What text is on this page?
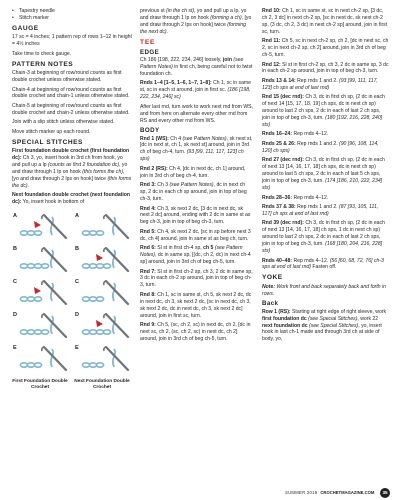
• Tapestry needle
• Stitch marker
GAUGE

17 sc = 4 inches; 1 pattern rep of rows 1–12 in height = 4½ inches

Take time to check gauge.

PATTERN NOTES

Chain-3 at beginning of row/round counts as first double crochet unless otherwise stated.

Chain-4 at beginning of row/round counts as first double crochet and chain-1 unless otherwise stated.

Chain-5 at beginning of row/round counts as first double crochet and chain-2 unless otherwise stated.

Join with a slip stitch unless otherwise stated.

Move stitch marker up each round.

SPECIAL STITCHES

First foundation double crochet (first foundation dc): Ch 3, yo, insert hook in 3rd ch from hook, yo and pull up a lp (counts as first 2 foundation dc), yo and draw through 1 lp on hook (this forms the ch), [yo and draw through 2 lps on hook] twice (this forms the dc).

Next foundation double crochet (next foundation dc): Yo, insert hook in bottom of

A	A
B	B
C	C
D	D
E	E
First Foundation Double Crochet
Next Foundation Double Crochet

previous st (in the ch st), yo and pull up a lp, yo and draw through 1 lp on hook (forming a ch), [yo and draw through 2 lps on hook] twice (forming the next dc).

TEE
EDGE

Ch 186 [198, 222, 234, 246] loosely, join (see Pattern Notes) in first ch, being careful not to twist foundation ch.

Rnds 1–4 [1–5, 1–6, 1–7, 1–8]: Ch 1, sc in same st, sc in each st around, join in first sc. (186 [198, 222, 234, 246] sc)

After last rnd, turn work to work next rnd from WS, and from here on alternate every other rnd from RS and every other rnd from WS.

BODY

Rnd 1 (WS): Ch 4 (see Pattern Notes), sk next st, [dc in next st, ch 1, sk next st] around, join in 3rd ch of beg ch-4, turn. (93 [99, 111, 117, 123] ch sps)

Rnd 2 (RS): Ch 4, [dc in next dc, ch 1] around, join in 3rd ch of beg ch-4, turn.

Rnd 3: Ch 3 (see Pattern Notes), dc in next ch sp, 2 dc in each ch sp around, join in top of beg ch-3, turn.

Rnd 4: Ch 3, sk next 2 dc, [3 dc in next dc, sk next 2 dc] around, ending with 2 dc in same st as beg ch-3, join in top of beg ch-3, turn.

Rnd 5: Ch 4, sk next 2 dc, [sc in sp before next 3 dc, ch 4] around, join in same st as beg ch, turn.

Rnd 6: Sl st in first ch-4 sp, ch 5 (see Pattern Notes), dc in same sp, [(dc, ch 2, dc) in next ch-4 sp] around, join in 3rd ch of beg ch-5, turn.

Rnd 7: Sl st in first ch-2 sp, ch 3, 2 dc in same sp, 3 dc in each ch-2 sp around, join in top of beg ch-3, turn.

Rnd 8: Ch 1, sc in same st, ch 5, sk next 2 dc, dc in next dc, ch 3, sk next 2 dc, [sc in next dc, ch 3, sk next 2 dc, dc in next dc, ch 3, sk next 2 dc] around, join in first sc, turn.

Rnd 9: Ch 5, (sc, ch 2, sc) in next dc, ch 2, [dc in next sc, ch 2, (sc, ch 2, sc) in next dc, ch 2] around, join in 3rd ch of beg ch-5, turn.

Rnd 10: Ch 1, sc in same st, sc in next ch-2 sp, [3 dc, ch 2, 3 dc] in next ch-2 sp, [sc in next dc, sk next ch-2 sp, (3 dc, ch 2, 3 dc) in next ch-2 sp] around, join in first sc, turn.

Rnd 11: Ch 5, sc in next ch-2 sp, ch 2, [dc in next sc, ch 2, sc in next ch-2 sp, ch 2] around, join in 3rd ch of beg ch-5, turn.

Rnd 12: Sl st in first ch-2 sp, ch 3, 2 dc in same sp, 3 dc in each ch-2 sp around, join in top of beg ch-3, turn.

Rnds 13 & 14: Rep rnds 1 and 2. (93 [99, 111, 117, 123] ch sps at end of last rnd)

Rnd 15 (dec rnd): Ch 3, dc in first ch sp, (2 dc in each of next 14 [15, 17, 18, 19] ch sps, dc in next ch sp) around to last 2 ch sps, 2 dc in each of last 2 ch sps, join in top of beg ch-3, turn. (180 [192, 216, 228, 240] sts)

Rnds 16–24: Rep rnds 4–12.

Rnds 25 & 26: Rep rnds 1 and 2. (90 [96, 108, 114, 120] ch sps)

Rnd 27 (dec rnd): Ch 3, dc in first ch sp, (2 dc in each of next 13 [14, 16, 17, 18] ch sps, dc in next ch sp) around to last 5 ch sps, 2 dc in each of last 5 ch sps, join in top of beg ch-3, turn. (174 [186, 210, 222, 234] sts)

Rnds 28–36: Rep rnds 4–12.

Rnds 37 & 38: Rep rnds 1 and 2. (87 [93, 105, 111, 117] ch sps at end of last rnd)

Rnd 39 (dec rnd): Ch 3, dc in first ch sp, (2 dc in each of next 13 [14, 16, 17, 18] ch sps, 1 dc in next ch sp) around to last 2 ch sps, 2 dc in each of last 2 ch sps, join in top of beg ch-3, turn. (168 [180, 204, 216, 228] sts)

Rnds 40–48: Rep rnds 4–12. (56 [60, 68, 72, 76] ch-3 sps at end of last rnd) Fasten off.

YOKE

Note: Work front and back separately back and forth in rows.

Back

Row 1 (RS): Starting at right edge of right sleeve, work first foundation dc (see Special Stitches), work 22 next foundation dc (see Special Stitches), yo, insert hook in last ch-1 made and through 3rd ch at side of body, yo,

SUMMER 2019 CROCHETMAGAZINE.COM	35
